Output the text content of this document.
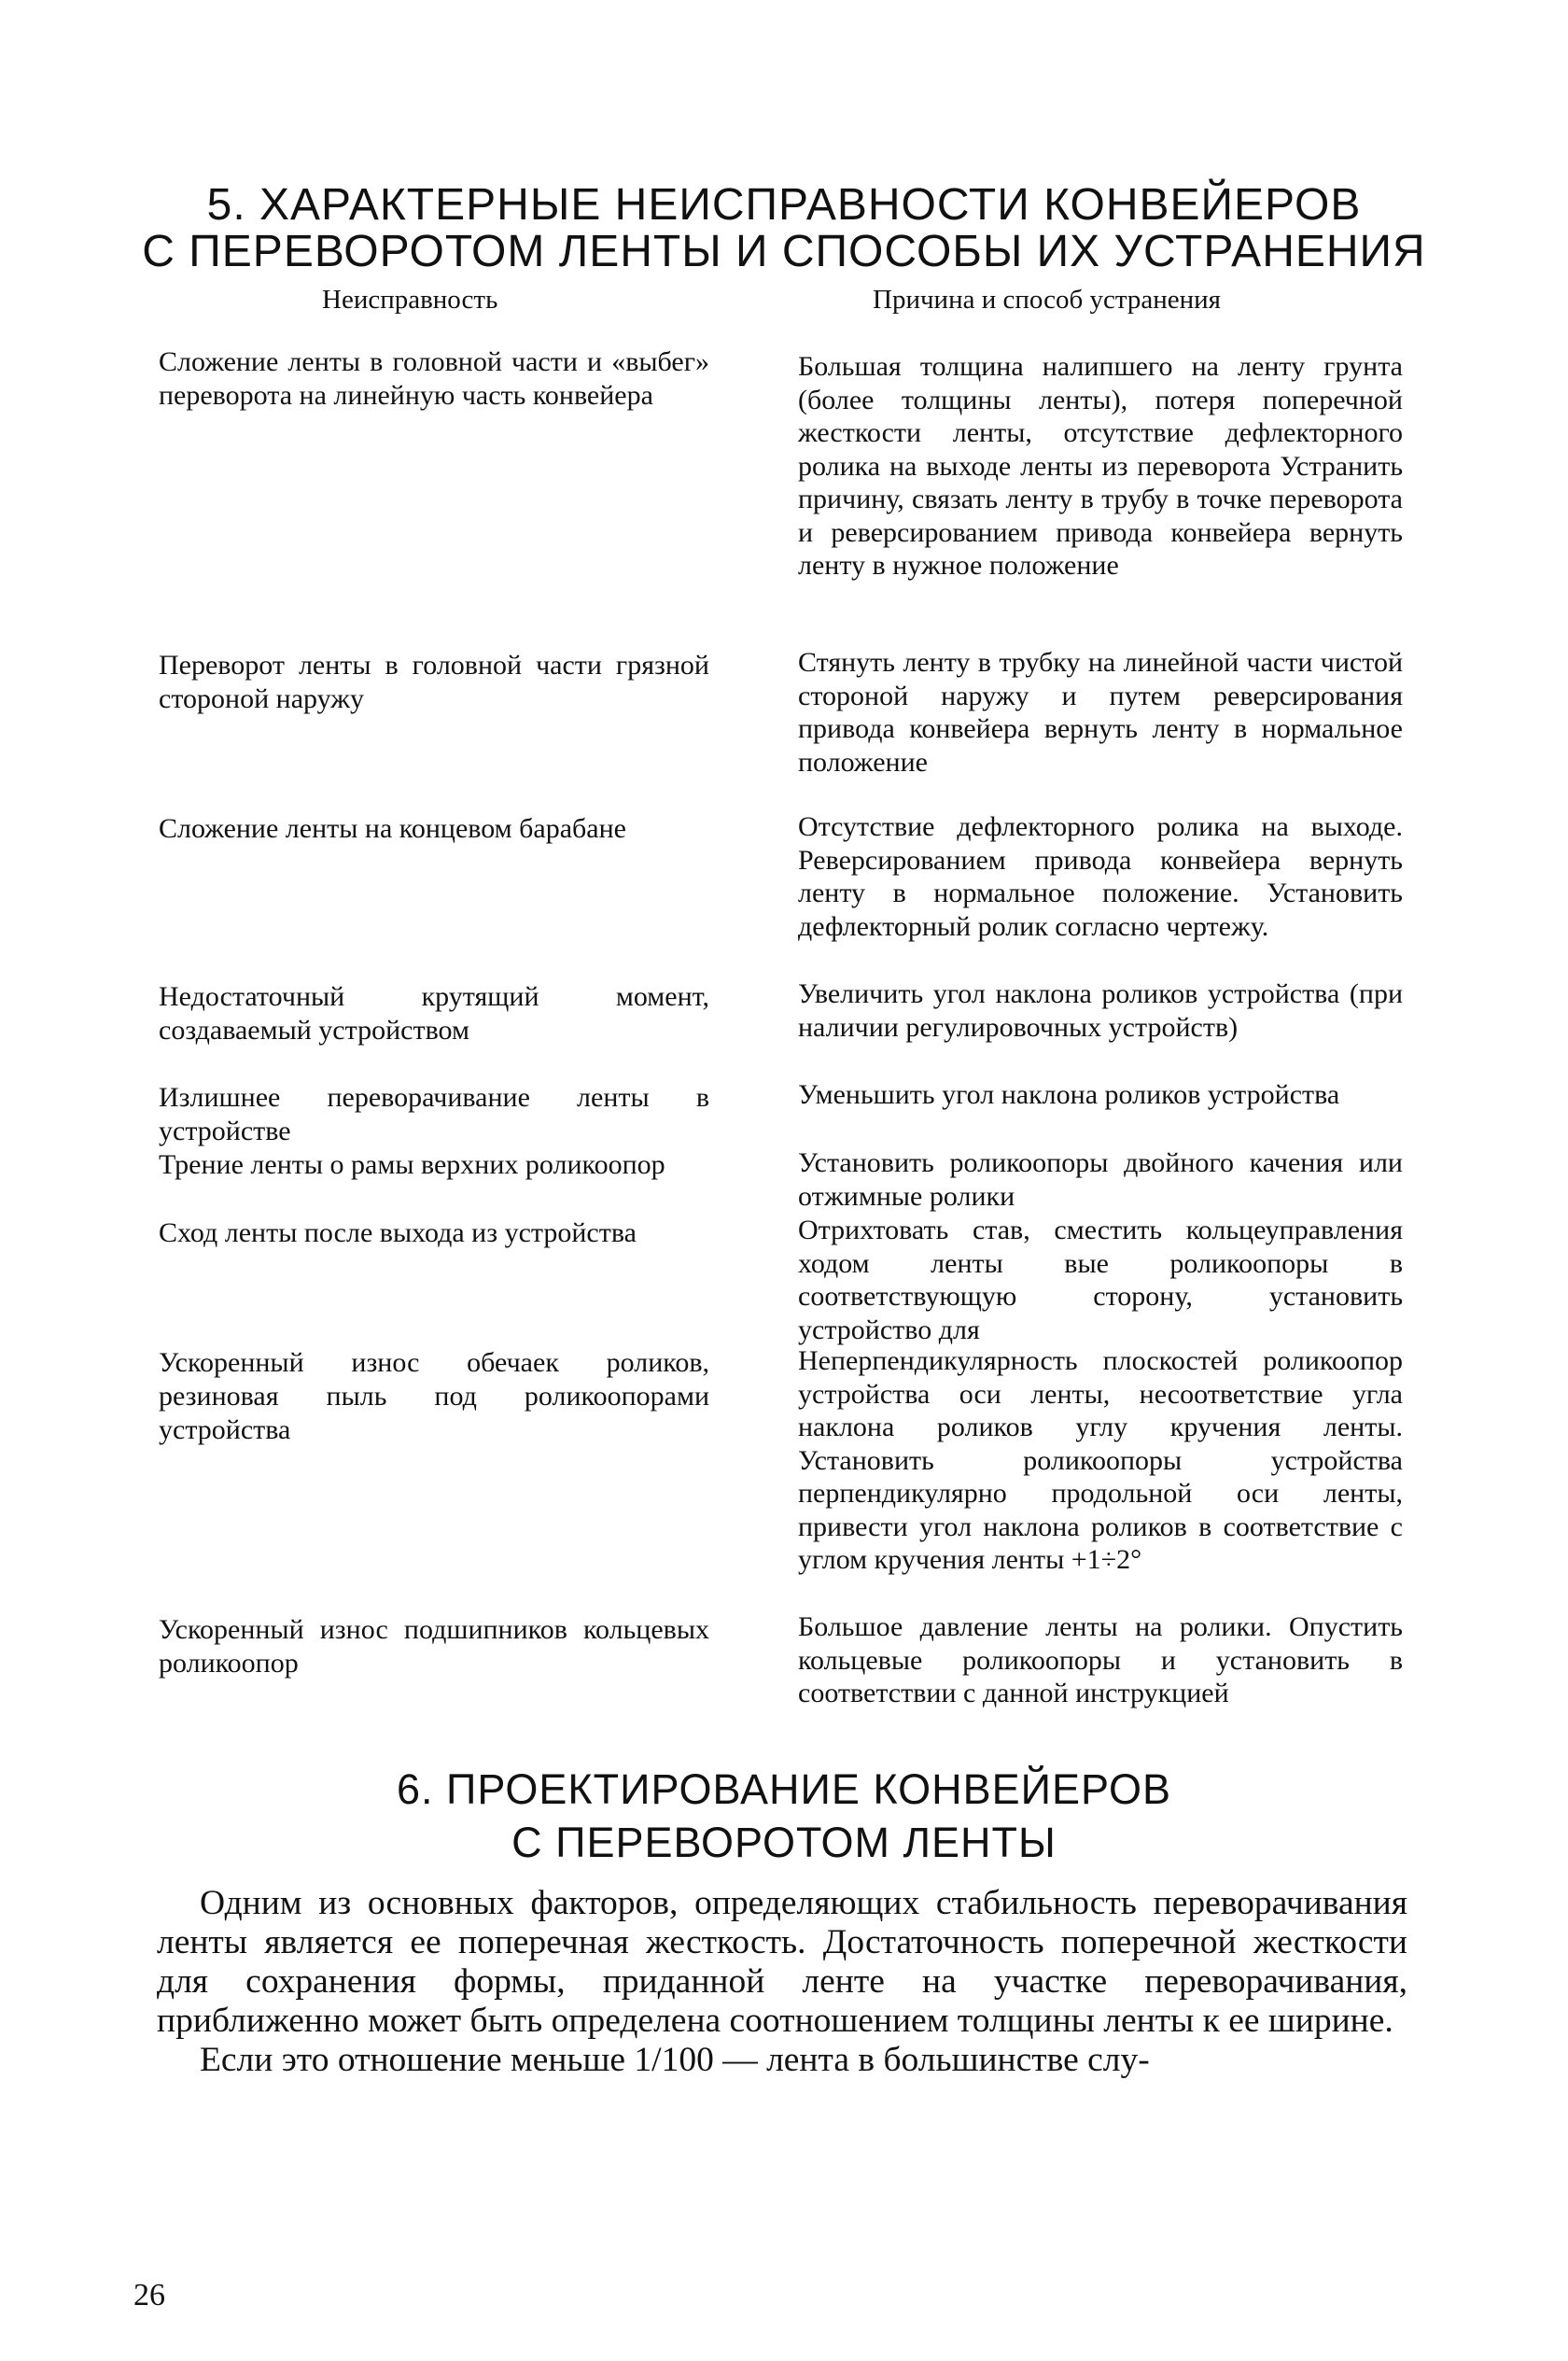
5. ХАРАКТЕРНЫЕ НЕИСПРАВНОСТИ КОНВЕЙЕРОВ
С ПЕРЕВОРОТОМ ЛЕНТЫ И СПОСОБЫ ИХ УСТРАНЕНИЯ
Неисправность	Причина и способ устранения
Сложение ленты в головной части и «выбег» переворота на линейную часть конвейера
Переворот ленты в головной части грязной стороной наружу
Сложение ленты на концевом барабане
Недостаточный крутящий момент, создаваемый устройством
Излишнее переворачивание ленты в устройстве
Трение ленты о рамы верхних роликоопор
Сход ленты после выхода из устройства
Ускоренный износ обечаек роликов, резиновая пыль под роликоопорами устройства
Ускоренный износ подшипников кольцевых роликоопор
Большая толщина налипшего на ленту грунта (более толщины ленты), потеря поперечной жесткости ленты, отсутствие дефлекторного ролика на выходе ленты из переворота Устранить причину, связать ленту в трубу в точке переворота и реверсированием привода конвейера вернуть ленту в нужное положение
Стянуть ленту в трубку на линейной части чистой стороной наружу и путем реверсирования привода конвейера вернуть ленту в нормальное положение
Отсутствие дефлекторного ролика на выходе. Реверсированием привода конвейера вернуть ленту в нормальное положение. Установить дефлекторный ролик согласно чертежу.
Увеличить угол наклона роликов устройства (при наличии регулировочных устройств)
Уменьшить угол наклона роликов устройства
Установить роликоопоры двойного качения или отжимные ролики
Отрихтовать став, сместить кольцеуправления ходом ленты вые роликоопоры в соответствующую сторону, установить устройство для
Неперпендикулярность плоскостей роликоопор устройства оси ленты, несоответствие угла наклона роликов углу кручения ленты. Установить роликоопоры устройства перпендикулярно продольной оси ленты, привести угол наклона роликов в соответствие с углом кручения ленты +1÷2°
Большое давление ленты на ролики. Опустить кольцевые роликоопоры и установить в соответствии с данной инструкцией
6. ПРОЕКТИРОВАНИЕ КОНВЕЙЕРОВ
С ПЕРЕВОРОТОМ ЛЕНТЫ

Одним из основных факторов, определяющих стабильность переворачивания ленты является ее поперечная жесткость. Достаточность поперечной жесткости для сохранения формы, приданной ленте на участке переворачивания, приближенно может быть определена соотношением толщины ленты к ее ширине.

Если это отношение меньше 1/100 — лента в большинстве слу-

26
